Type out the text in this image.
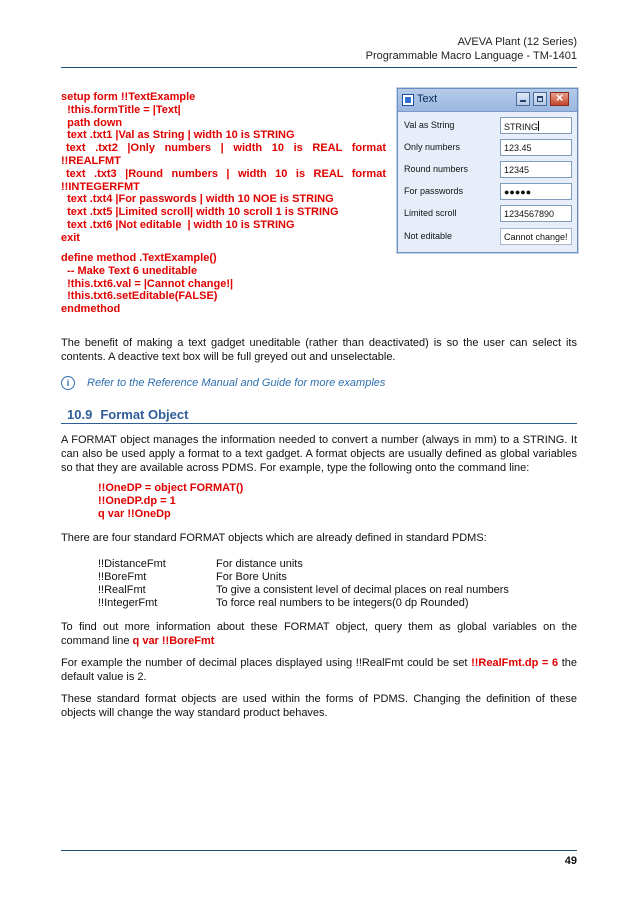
AVEVA Plant (12 Series)
Programmable Macro Language - TM-1401
setup form !!TextExample
!this.formTitle = |Text|
path down
text .txt1 |Val as String | width 10 is STRING
text .txt2 |Only numbers | width 10 is REAL format
!!REALFMT
text .txt3 |Round numbers | width 10 is REAL format
!!INTEGERFMT
text .txt4 |For passwords | width 10 NOE is STRING
text .txt5 |Limited scroll| width 10 scroll 1 is STRING
text .txt6 |Not editable  | width 10 is STRING
exit
define method .TextExample()
-- Make Text 6 uneditable
!this.txt6.val = |Cannot change!|
!this.txt6.setEditable(FALSE)
endmethod
Text
×
Val as String	STRING
Only numbers	123.45
Round numbers	12345
For passwords	●●●●●
Limited scroll	1234567890
Not editable	Cannot change!
The benefit of making a text gadget uneditable (rather than deactivated) is so the user can select its contents. A deactive text box will be full greyed out and unselectable.
i	Refer to the Reference Manual and Guide for more examples
10.9 Format Object
A FORMAT object manages the information needed to convert a number (always in mm) to a STRING. It can also be used apply a format to a text gadget. A format objects are usually defined as global variables so that they are available across PDMS. For example, type the following onto the command line:
!!OneDP = object FORMAT()
!!OneDP.dp = 1
q var !!OneDp
There are four standard FORMAT objects which are already defined in standard PDMS:
!!DistanceFmt	For distance units
!!BoreFmt	For Bore Units
!!RealFmt	To give a consistent level of decimal places on real numbers
!!IntegerFmt	To force real numbers to be integers(0 dp Rounded)
To find out more information about these FORMAT object, query them as global variables on the command line q var !!BoreFmt
For example the number of decimal places displayed using !!RealFmt could be set !!RealFmt.dp = 6 the default value is 2.
These standard format objects are used within the forms of PDMS. Changing the definition of these objects will change the way standard product behaves.
49
